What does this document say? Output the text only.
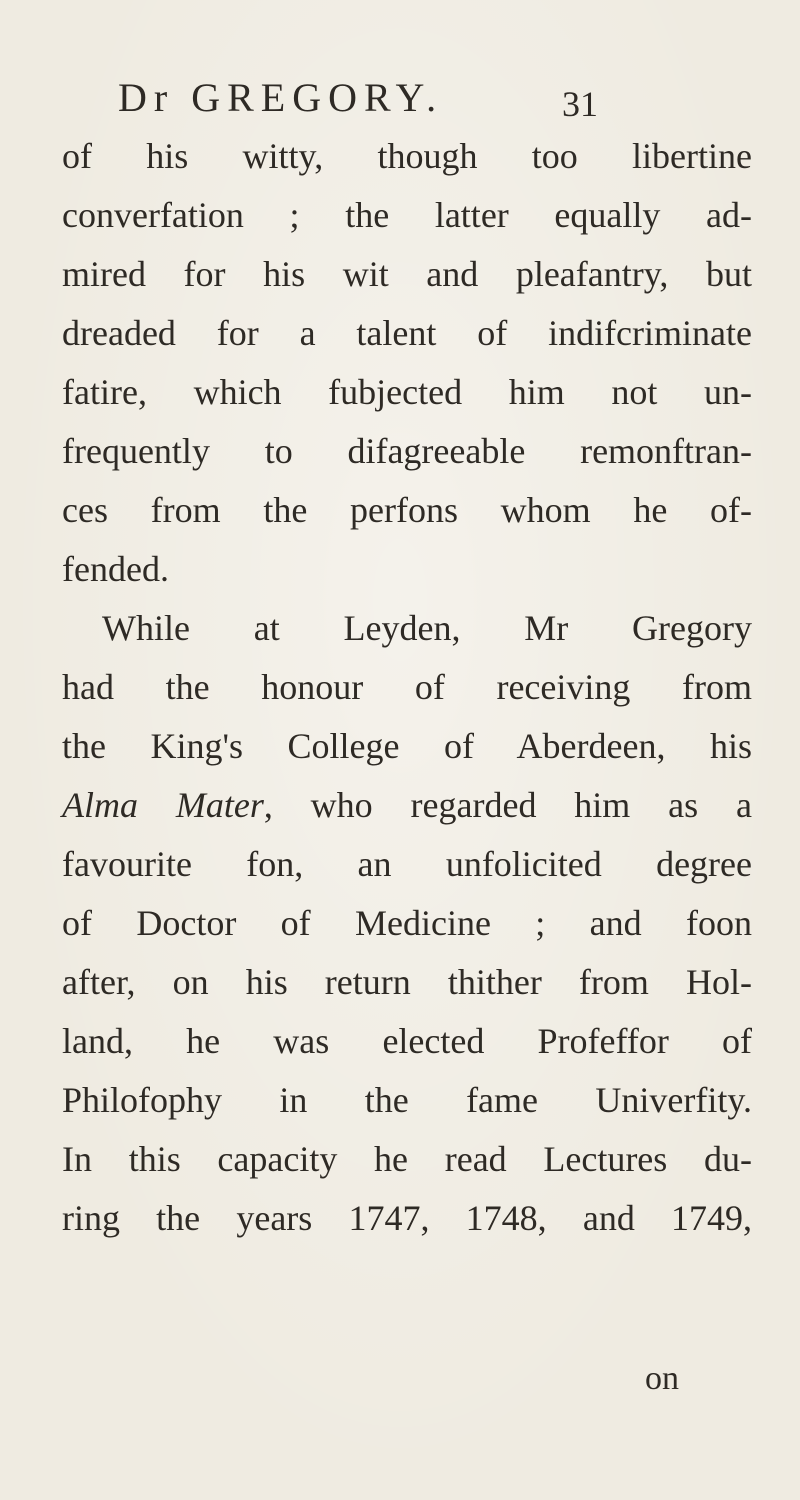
Dr GREGORY.	31
of his witty, though too libertine
converfation ; the latter equally ad-
mired for his wit and pleafantry, but
dreaded for a talent of indifcriminate
fatire, which fubjected him not un-
frequently to difagreeable remonftran-
ces from the perfons whom he of-
fended.
While at Leyden, Mr Gregory
had the honour of receiving from
the King's College of Aberdeen, his
Alma Mater, who regarded him as a
favourite fon, an unfolicited degree
of Doctor of Medicine ; and foon
after, on his return thither from Hol-
land, he was elected Profeffor of
Philofophy in the fame Univerfity.
In this capacity he read Lectures du-
ring the years 1747, 1748, and 1749,
on
